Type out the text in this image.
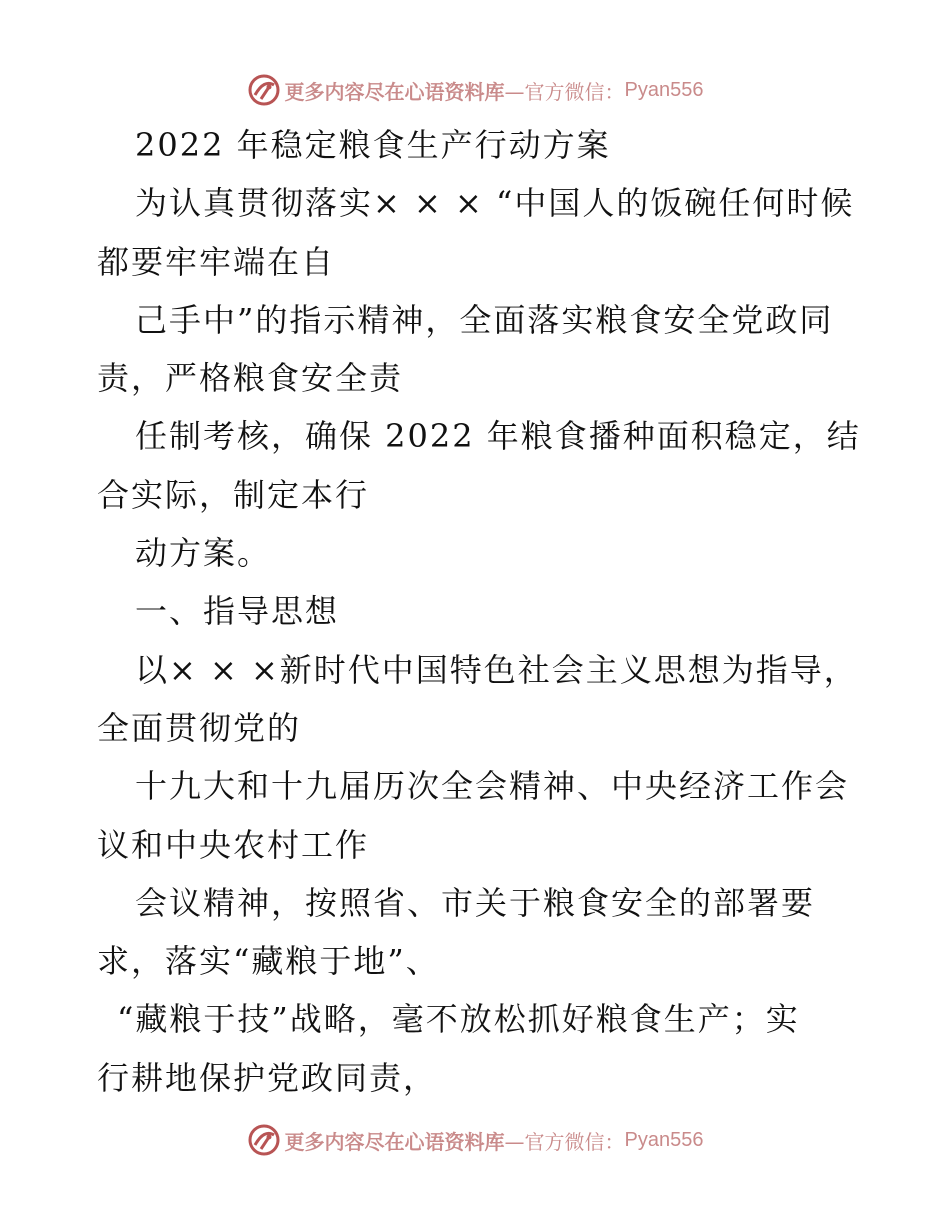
更多内容尽在心语资料库 —官方微信： Pyan556
2022 年稳定粮食生产行动方案
为认真贯彻落实× × × “中国人的饭碗任何时候
都要牢牢端在自
己手中”的指示精神，全面落实粮食安全党政同
责，严格粮食安全责
任制考核，确保 2022 年粮食播种面积稳定，结
合实际，制定本行
动方案。
一、指导思想
以× × ×新时代中国特色社会主义思想为指导，
全面贯彻党的
十九大和十九届历次全会精神、中央经济工作会
议和中央农村工作
会议精神，按照省、市关于粮食安全的部署要
求，落实“藏粮于地”、
“藏粮于技”战略，毫不放松抓好粮食生产；实
行耕地保护党政同责，
更多内容尽在心语资料库 —官方微信： Pyan556
